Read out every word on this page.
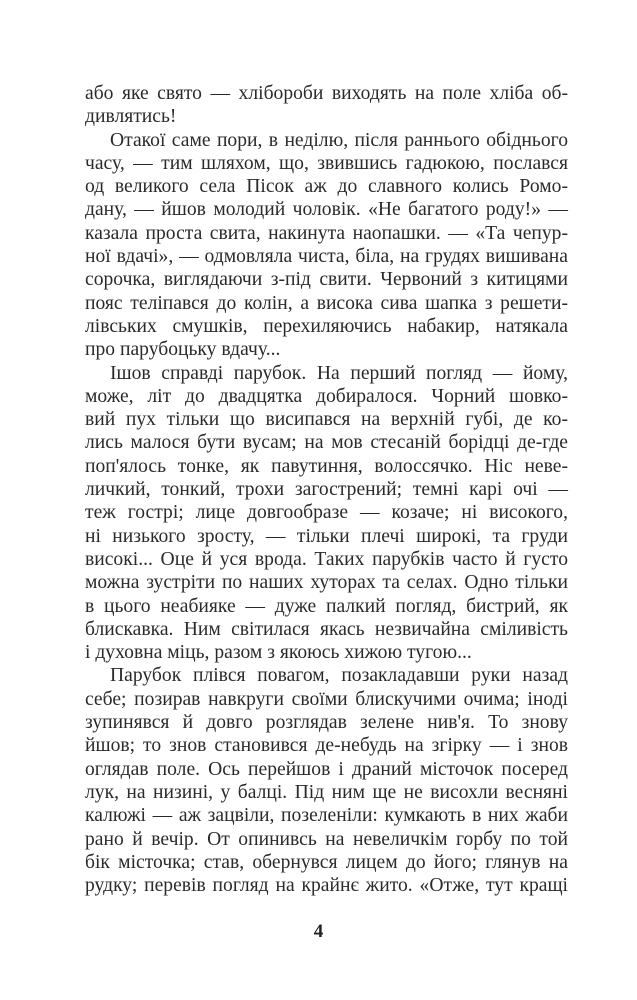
або яке свято — хлібороби виходять на поле хліба об-
дивлятись!
Отакої саме пори, в неділю, після раннього обіднього
часу, — тим шляхом, що, звившись гадюкою, послався
од великого села Пісок аж до славного колись Ромо-
дану, — йшов молодий чоловік. «Не багатого роду!» —
казала проста свита, накинута наопашки. — «Та чепур-
ної вдачі», — одмовляла чиста, біла, на грудях вишивана
сорочка, виглядаючи з-під свити. Червоний з китицями
пояс теліпався до колін, а висока сива шапка з решети-
лівських смушків, перехиляючись набакир, натякала
про парубоцьку вдачу...
Ішов справді парубок. На перший погляд — йому,
може, літ до двадцятка добиралося. Чорний шовко-
вий пух тільки що висипався на верхній губі, де ко-
лись малося бути вусам; на мов стесаній борідці де-где
поп'ялось тонке, як павутиння, волоссячко. Ніс неве-
личкий, тонкий, трохи загострений; темні карі очі —
теж гострі; лице довгообразе — козаче; ні високого,
ні низького зросту, — тільки плечі широкі, та груди
високі... Оце й уся врода. Таких парубків часто й густо
можна зустріти по наших хуторах та селах. Одно тільки
в цього неабияке — дуже палкий погляд, бистрий, як
блискавка. Ним світилася якась незвичайна сміливість
і духовна міць, разом з якоюсь хижою тугою...
Парубок плівся повагом, позакладавши руки назад
себе; позирав навкруги своїми блискучими очима; іноді
зупинявся й довго розглядав зелене нив'я. То знову
йшов; то знов становився де-небудь на згірку — і знов
оглядав поле. Ось перейшов і драний місточок посеред
лук, на низині, у балці. Під ним ще не висохли весняні
калюжі — аж зацвіли, позеленіли: кумкають в них жаби
рано й вечір. От опинивсь на невеличкім горбу по той
бік місточка; став, обернувся лицем до його; глянув на
рудку; перевів погляд на крайнє жито. «Отже, тут кращі
4
